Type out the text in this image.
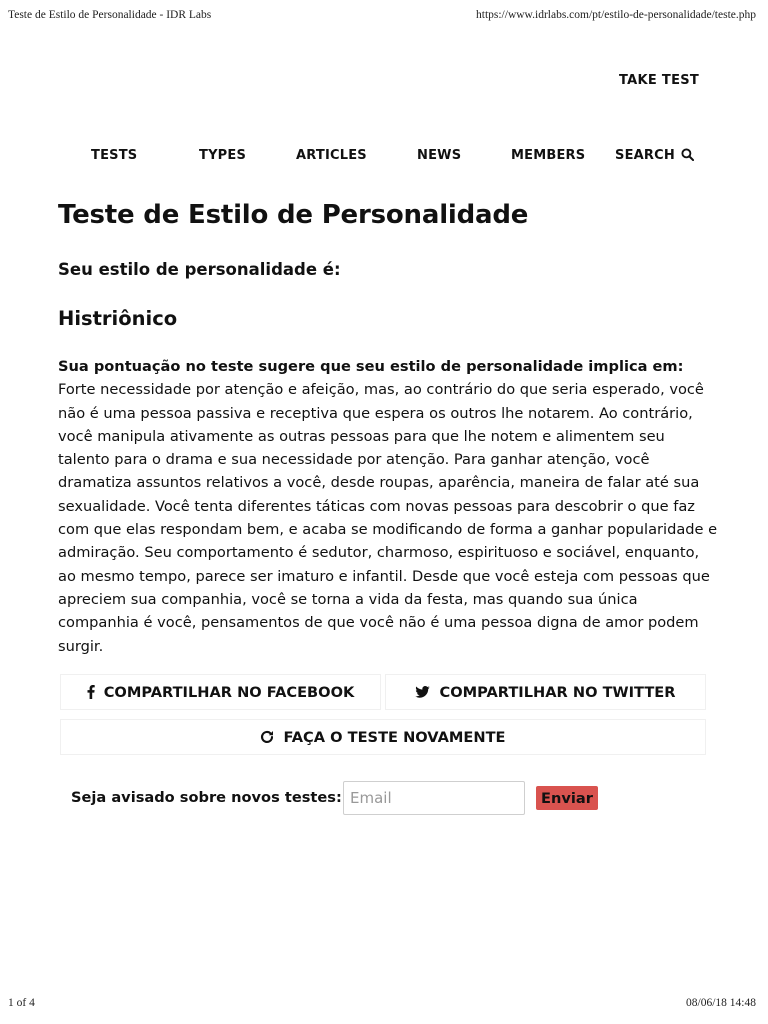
Teste de Estilo de Personalidade - IDR Labs	https://www.idrlabs.com/pt/estilo-de-personalidade/teste.php
TAKE TEST
TESTS	TYPES	ARTICLES	NEWS	MEMBERS SEARCH
Teste de Estilo de Personalidade
Seu estilo de personalidade é:
Histriônico

Sua pontuação no teste sugere que seu estilo de personalidade implica em:
Forte necessidade por atenção e afeição, mas, ao contrário do que seria esperado, você não é uma pessoa passiva e receptiva que espera os outros lhe notarem. Ao contrário, você manipula ativamente as outras pessoas para que lhe notem e alimentem seu talento para o drama e sua necessidade por atenção. Para ganhar atenção, você dramatiza assuntos relativos a você, desde roupas, aparência, maneira de falar até sua sexualidade. Você tenta diferentes táticas com novas pessoas para descobrir o que faz com que elas respondam bem, e acaba se modificando de forma a ganhar popularidade e admiração. Seu comportamento é sedutor, charmoso, espirituoso e sociável, enquanto, ao mesmo tempo, parece ser imaturo e infantil. Desde que você esteja com pessoas que apreciem sua companhia, você se torna a vida da festa, mas quando sua única companhia é você, pensamentos de que você não é uma pessoa digna de amor podem surgir.

COMPARTILHAR NO FACEBOOK	COMPARTILHAR NO TWITTER
FAÇA O TESTE NOVAMENTE
Seja avisado sobre novos testes:
Email	Enviar
1 of 4	08/06/18 14:48
